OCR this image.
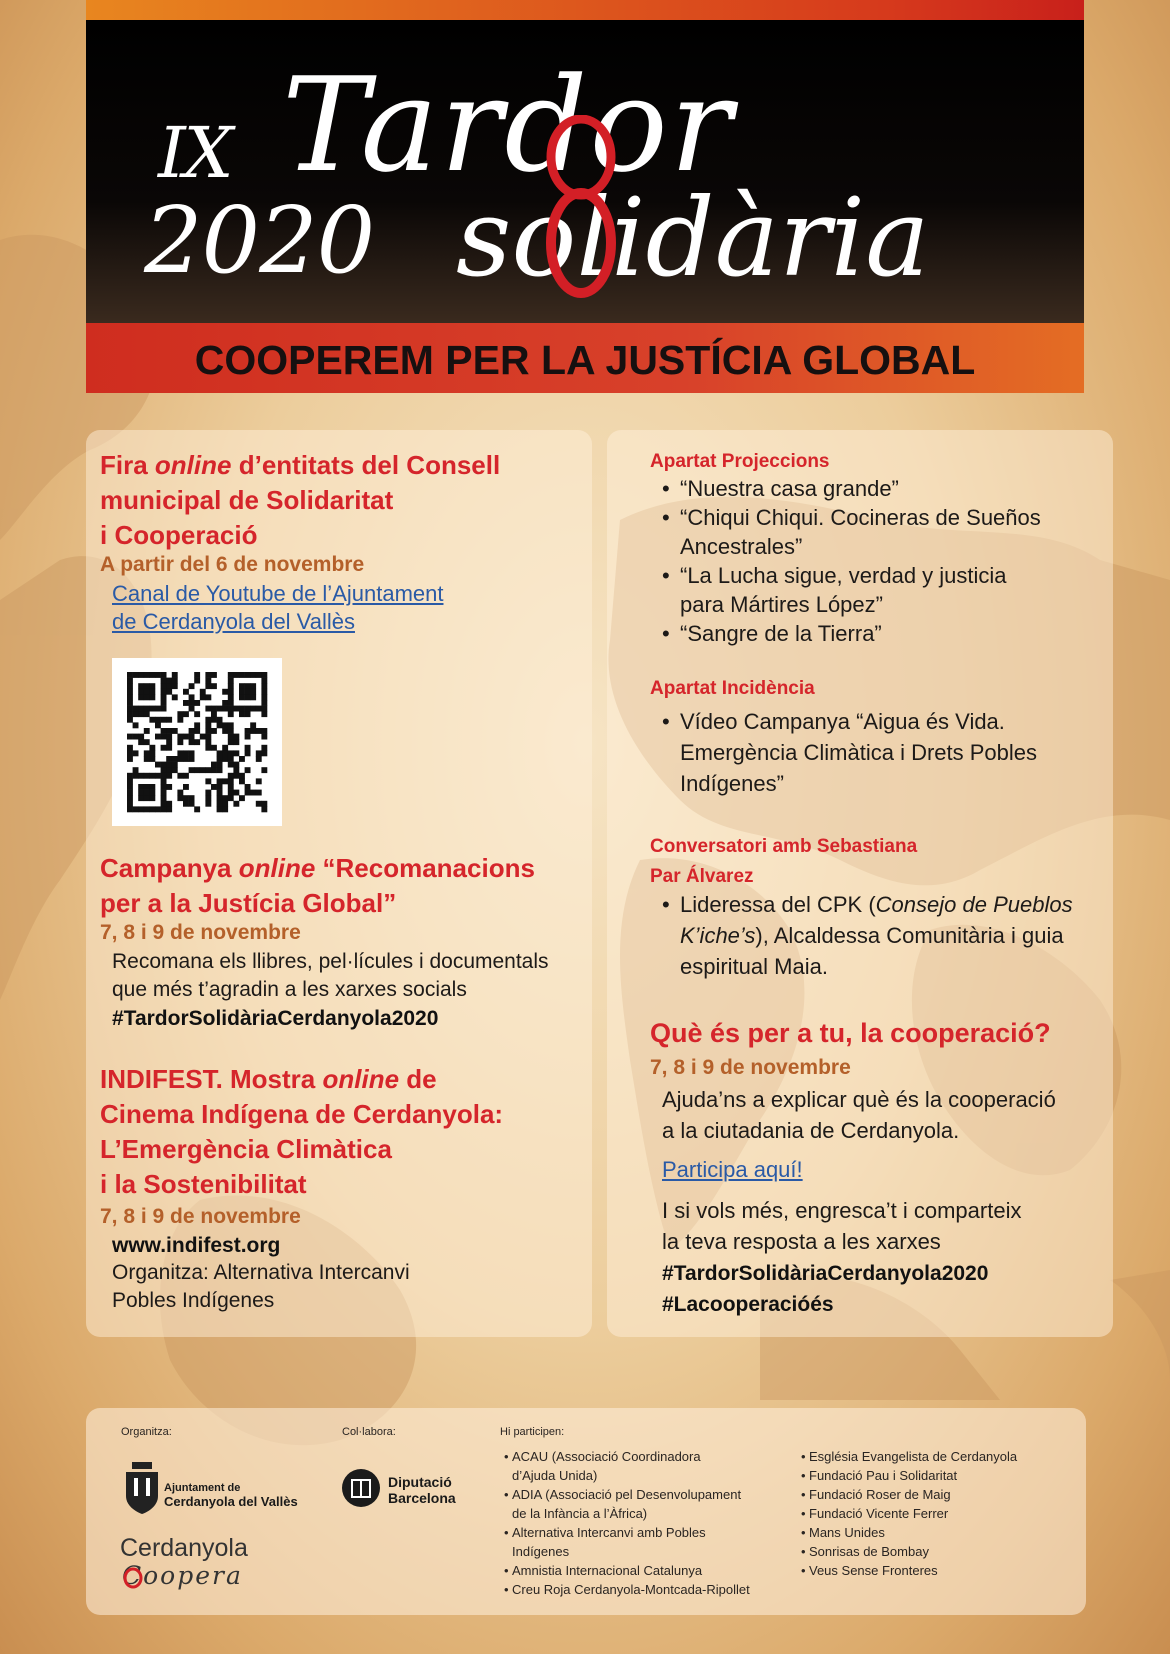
IX Tardor
2020 solidària
COOPEREM PER LA JUSTÍCIA GLOBAL
Fira online d’entitats del Consell
municipal de Solidaritat
i Cooperació
A partir del 6 de novembre
Canal de Youtube de l’Ajuntament
de Cerdanyola del Vallès
Campanya online “Recomanacions
per a la Justícia Global”
7, 8 i 9 de novembre
Recomana els llibres, pel·lícules i documentals
que més t’agradin a les xarxes socials
#TardorSolidàriaCerdanyola2020
INDIFEST. Mostra online de
Cinema Indígena de Cerdanyola:
L’Emergència Climàtica
i la Sostenibilitat
7, 8 i 9 de novembre
www.indifest.org
Organitza: Alternativa Intercanvi
Pobles Indígenes
Apartat Projeccions
• “Nuestra casa grande”
• “Chiqui Chiqui. Cocineras de Sueños
Ancestrales”
• “La Lucha sigue, verdad y justicia
para Mártires López”
• “Sangre de la Tierra”
Apartat Incidència
• Vídeo Campanya “Aigua és Vida.
Emergència Climàtica i Drets Pobles
Indígenes”
Conversatori amb Sebastiana
Par Álvarez
• Lideressa del CPK (Consejo de Pueblos
K’iche’s), Alcaldessa Comunitària i guia
espiritual Maia.
Què és per a tu, la cooperació?
7, 8 i 9 de novembre
Ajuda’ns a explicar què és la cooperació
a la ciutadania de Cerdanyola.
Participa aquí!
I si vols més, engresca’t i comparteix
la teva resposta a les xarxes
#TardorSolidàriaCerdanyola2020
#Lacooperacióés
Organitza:	Col·labora:	Hi participen:
Ajuntament de
Cerdanyola del Vallès
Cerdanyola
Coopera
Diputació
Barcelona
• ACAU (Associació Coordinadora
d’Ajuda Unida)
• ADIA (Associació pel Desenvolupament
de la Infància a l’Àfrica)
• Alternativa Intercanvi amb Pobles
Indígenes
• Amnistia Internacional Catalunya
• Creu Roja Cerdanyola-Montcada-Ripollet
• Església Evangelista de Cerdanyola
• Fundació Pau i Solidaritat
• Fundació Roser de Maig
• Fundació Vicente Ferrer
• Mans Unides
• Sonrisas de Bombay
• Veus Sense Fronteres
